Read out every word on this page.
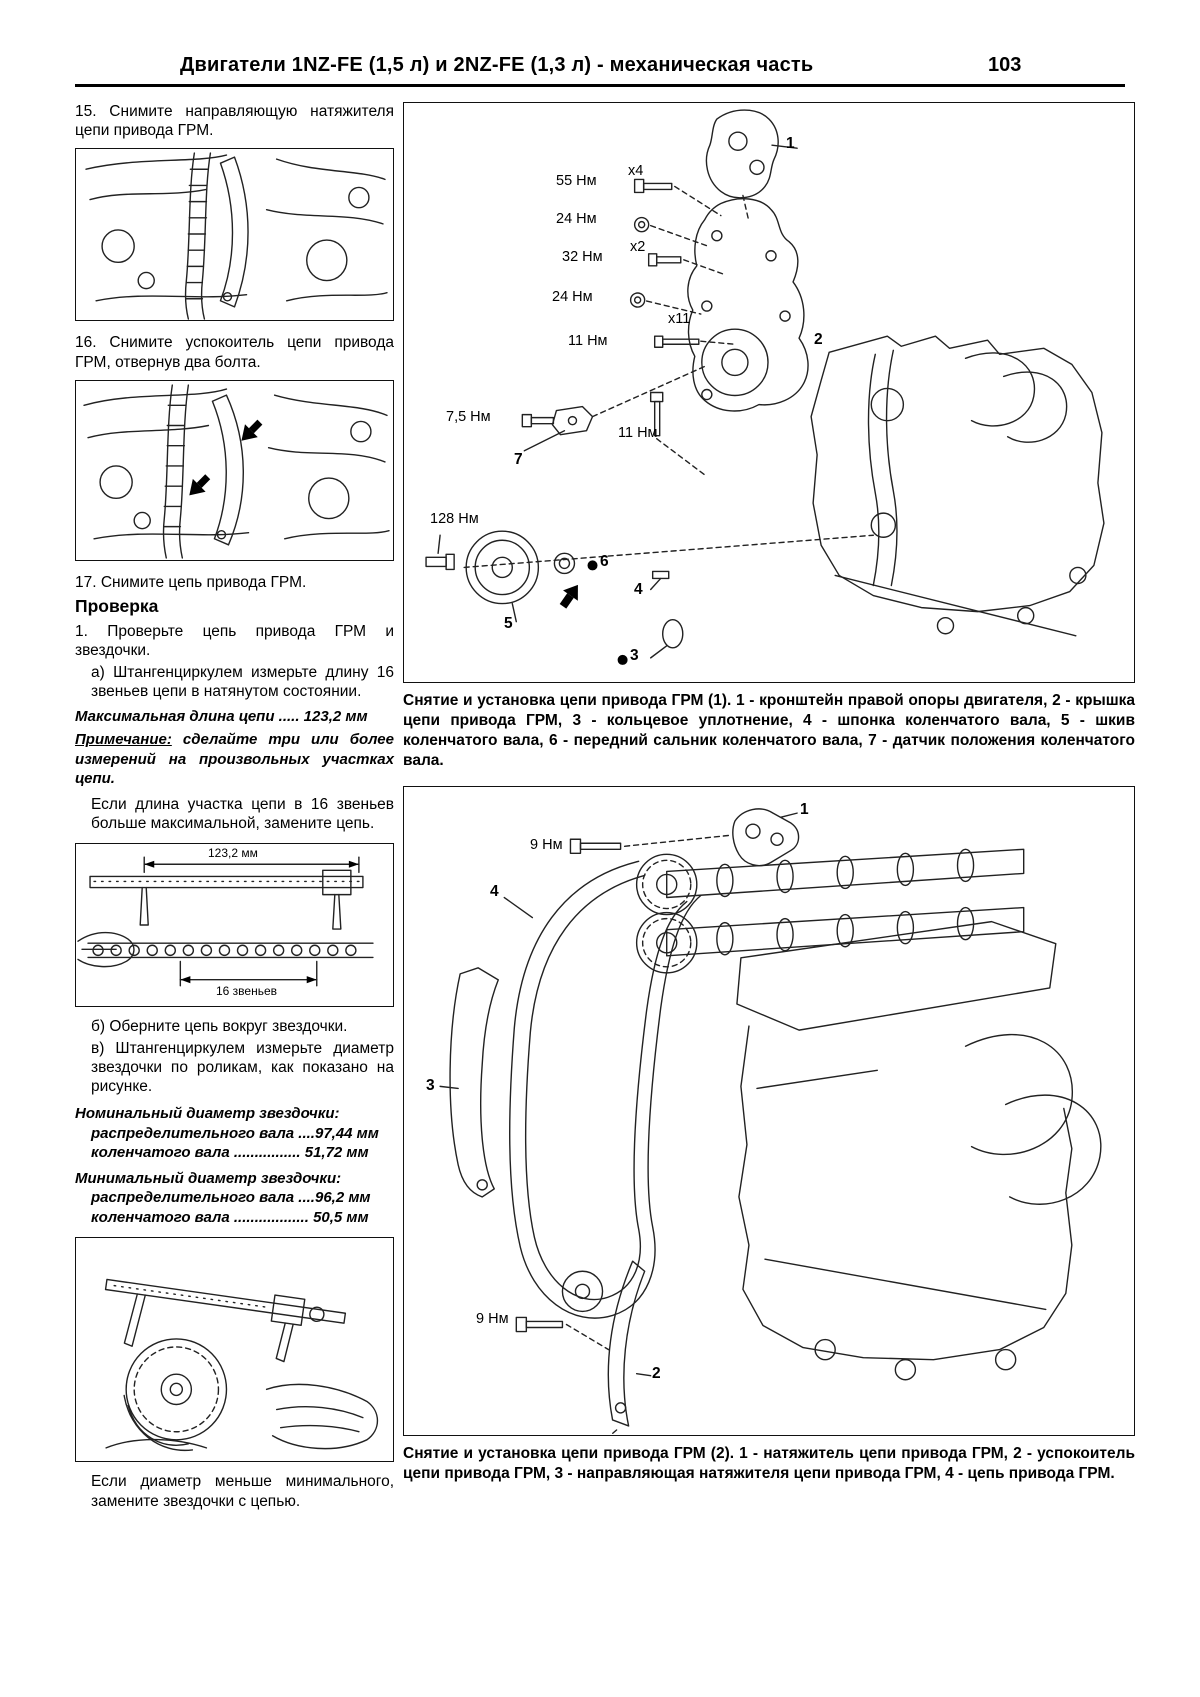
Двигатели 1NZ-FE (1,5 л) и 2NZ-FE (1,3 л) - механическая часть	103

15. Снимите направляющую натяжителя цепи привода ГРМ.

16. Снимите успокоитель цепи привода ГРМ, отвернув два болта.

17. Снимите цепь привода ГРМ.

Проверка

1. Проверьте цепь привода ГРМ и звездочки.

а) Штангенциркулем измерьте длину 16 звеньев цепи в натянутом состоянии.

Максимальная длина цепи ..... 123,2 мм

Примечание: сделайте три или более измерений на произвольных участках цепи.

Если длина участка цепи в 16 звеньев больше максимальной, замените цепь.

123,2 мм
16 звеньев

б) Оберните цепь вокруг звездочки.

в) Штангенциркулем измерьте диаметр звездочки по роликам, как показано на рисунке.

Номинальный диаметр звездочки:

распределительного вала ....97,44 мм

коленчатого вала ................ 51,72 мм

Минимальный диаметр звездочки:

распределительного вала ....96,2 мм

коленчатого вала .................. 50,5 мм

Если диаметр меньше минимального, замените звездочки с цепью.

1
55 Нм
x4
24 Нм
32 Нм
x2
24 Нм
x11
11 Нм	2
7,5 Нм
7
11 Нм
128 Нм
5
6
4
3

Снятие и установка цепи привода ГРМ (1). 1 - кронштейн правой опоры двигателя, 2 - крышка цепи привода ГРМ, 3 - кольцевое уплотнение, 4 - шпонка коленчатого вала, 5 - шкив коленчатого вала, 6 - передний сальник коленчатого вала, 7 - датчик положения коленчатого вала.

9 Нм
1
4
3
9 Нм
2

Снятие и установка цепи привода ГРМ (2). 1 - натяжитель цепи привода ГРМ, 2 - успокоитель цепи привода ГРМ, 3 - направляющая натяжителя цепи привода ГРМ, 4 - цепь привода ГРМ.
